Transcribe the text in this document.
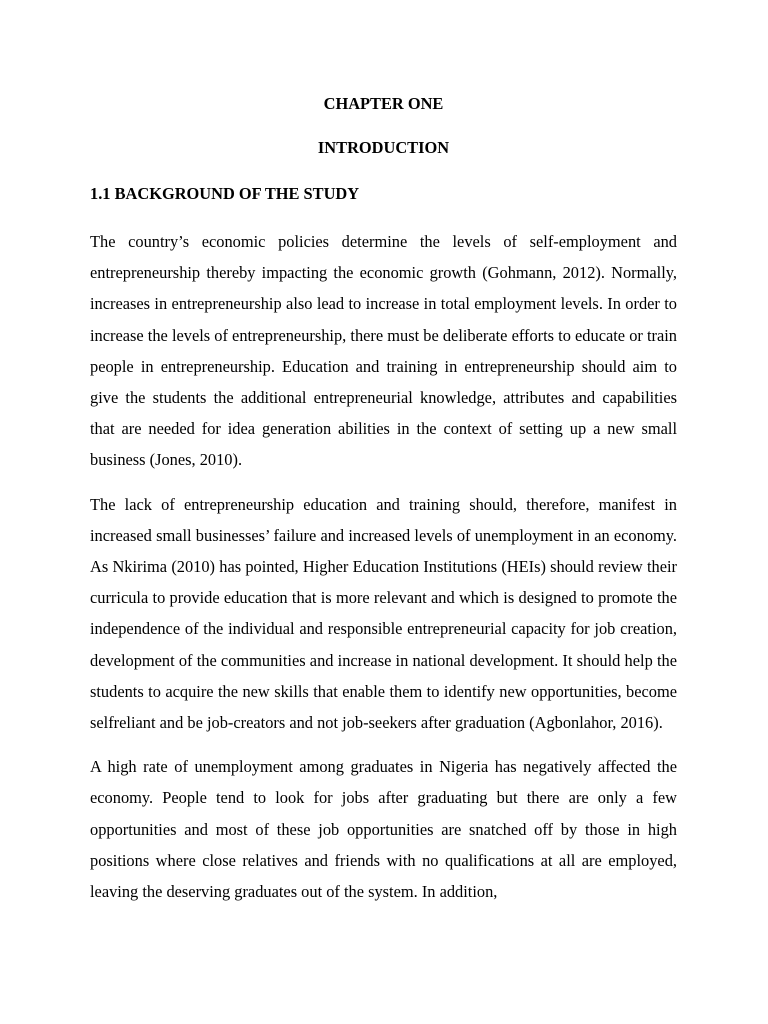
CHAPTER ONE

INTRODUCTION

1.1 BACKGROUND OF THE STUDY

The country’s economic policies determine the levels of self-employment and entrepreneurship thereby impacting the economic growth (Gohmann, 2012). Normally, increases in entrepreneurship also lead to increase in total employment levels. In order to increase the levels of entrepreneurship, there must be deliberate efforts to educate or train people in entrepreneurship. Education and training in entrepreneurship should aim to give the students the additional entrepreneurial knowledge, attributes and capabilities that are needed for idea generation abilities in the context of setting up a new small business (Jones, 2010).

The lack of entrepreneurship education and training should, therefore, manifest in increased small businesses’ failure and increased levels of unemployment in an economy. As Nkirima (2010) has pointed, Higher Education Institutions (HEIs) should review their curricula to provide education that is more relevant and which is designed to promote the independence of the individual and responsible entrepreneurial capacity for job creation, development of the communities and increase in national development. It should help the students to acquire the new skills that enable them to identify new opportunities, become selfreliant and be job-creators and not job-seekers after graduation (Agbonlahor, 2016).

A high rate of unemployment among graduates in Nigeria has negatively affected the economy. People tend to look for jobs after graduating but there are only a few opportunities and most of these job opportunities are snatched off by those in high positions where close relatives and friends with no qualifications at all are employed, leaving the deserving graduates out of the system. In addition,
